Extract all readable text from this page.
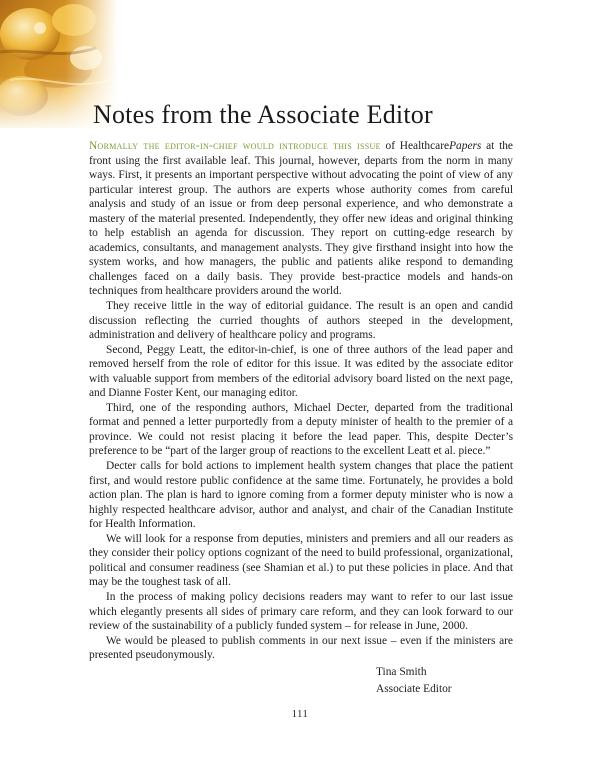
Notes from the Associate Editor

Normally the editor-in-chief would introduce this issue of HealthcarePapers at the front using the first available leaf. This journal, however, departs from the norm in many ways. First, it presents an important perspective without advocating the point of view of any particular interest group. The authors are experts whose authority comes from careful analysis and study of an issue or from deep personal experience, and who demonstrate a mastery of the material presented. Independently, they offer new ideas and original thinking to help establish an agenda for discussion. They report on cutting-edge research by academics, consultants, and management analysts. They give firsthand insight into how the system works, and how managers, the public and patients alike respond to demanding challenges faced on a daily basis. They provide best-practice models and hands-on techniques from healthcare providers around the world.

They receive little in the way of editorial guidance. The result is an open and candid discussion reflecting the curried thoughts of authors steeped in the development, administration and delivery of healthcare policy and programs.

Second, Peggy Leatt, the editor-in-chief, is one of three authors of the lead paper and removed herself from the role of editor for this issue. It was edited by the associate editor with valuable support from members of the editorial advisory board listed on the next page, and Dianne Foster Kent, our managing editor.

Third, one of the responding authors, Michael Decter, departed from the traditional format and penned a letter purportedly from a deputy minister of health to the premier of a province. We could not resist placing it before the lead paper. This, despite Decter’s preference to be “part of the larger group of reactions to the excellent Leatt et al. piece.”

Decter calls for bold actions to implement health system changes that place the patient first, and would restore public confidence at the same time. Fortunately, he provides a bold action plan. The plan is hard to ignore coming from a former deputy minister who is now a highly respected healthcare advisor, author and analyst, and chair of the Canadian Institute for Health Information.

We will look for a response from deputies, ministers and premiers and all our readers as they consider their policy options cognizant of the need to build professional, organizational, political and consumer readiness (see Shamian et al.) to put these policies in place. And that may be the toughest task of all.

In the process of making policy decisions readers may want to refer to our last issue which elegantly presents all sides of primary care reform, and they can look forward to our review of the sustainability of a publicly funded system – for release in June, 2000.

We would be pleased to publish comments in our next issue – even if the ministers are presented pseudonymously.

Tina Smith
Associate Editor
111
